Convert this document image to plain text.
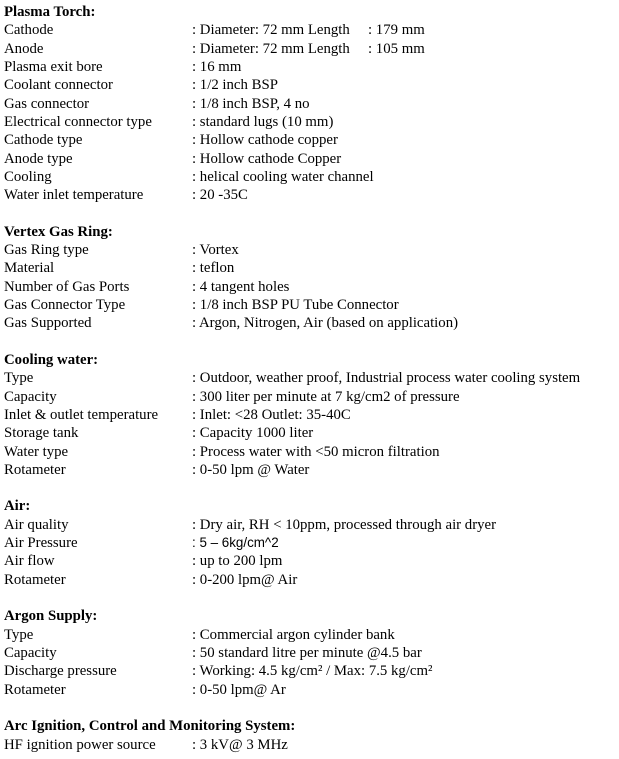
Plasma Torch:
Cathode	: Diameter: 72 mm Length : 179 mm
Anode	: Diameter: 72 mm Length : 105 mm
Plasma exit bore	: 16 mm
Coolant connector	: 1/2 inch BSP
Gas connector	: 1/8 inch BSP, 4 no
Electrical connector type	: standard lugs (10 mm)
Cathode type	: Hollow cathode copper
Anode type	: Hollow cathode Copper
Cooling	: helical cooling water channel
Water inlet temperature	: 20 -35C
Vertex Gas Ring:
Gas Ring type	: Vortex
Material	: teflon
Number of Gas Ports	: 4 tangent holes
Gas Connector Type	: 1/8 inch BSP PU Tube Connector
Gas Supported	: Argon, Nitrogen, Air (based on application)
Cooling water:
Type	: Outdoor, weather proof, Industrial process water cooling system
Capacity	: 300 liter per minute at 7 kg/cm2 of pressure
Inlet & outlet temperature	: Inlet: <28 Outlet: 35-40C
Storage tank	: Capacity 1000 liter
Water type	: Process water with <50 micron filtration
Rotameter	: 0-50 lpm @ Water
Air:
Air quality	: Dry air, RH < 10ppm, processed through air dryer
Air Pressure	: 5 – 6kg/cm^2
Air flow	: up to 200 lpm
Rotameter	: 0-200 lpm@ Air
Argon Supply:
Type	: Commercial argon cylinder bank
Capacity	: 50 standard litre per minute @4.5 bar
Discharge pressure	: Working: 4.5 kg/cm² / Max: 7.5 kg/cm²
Rotameter	: 0-50 lpm@ Ar
Arc Ignition, Control and Monitoring System:
HF ignition power source	: 3 kV@ 3 MHz
